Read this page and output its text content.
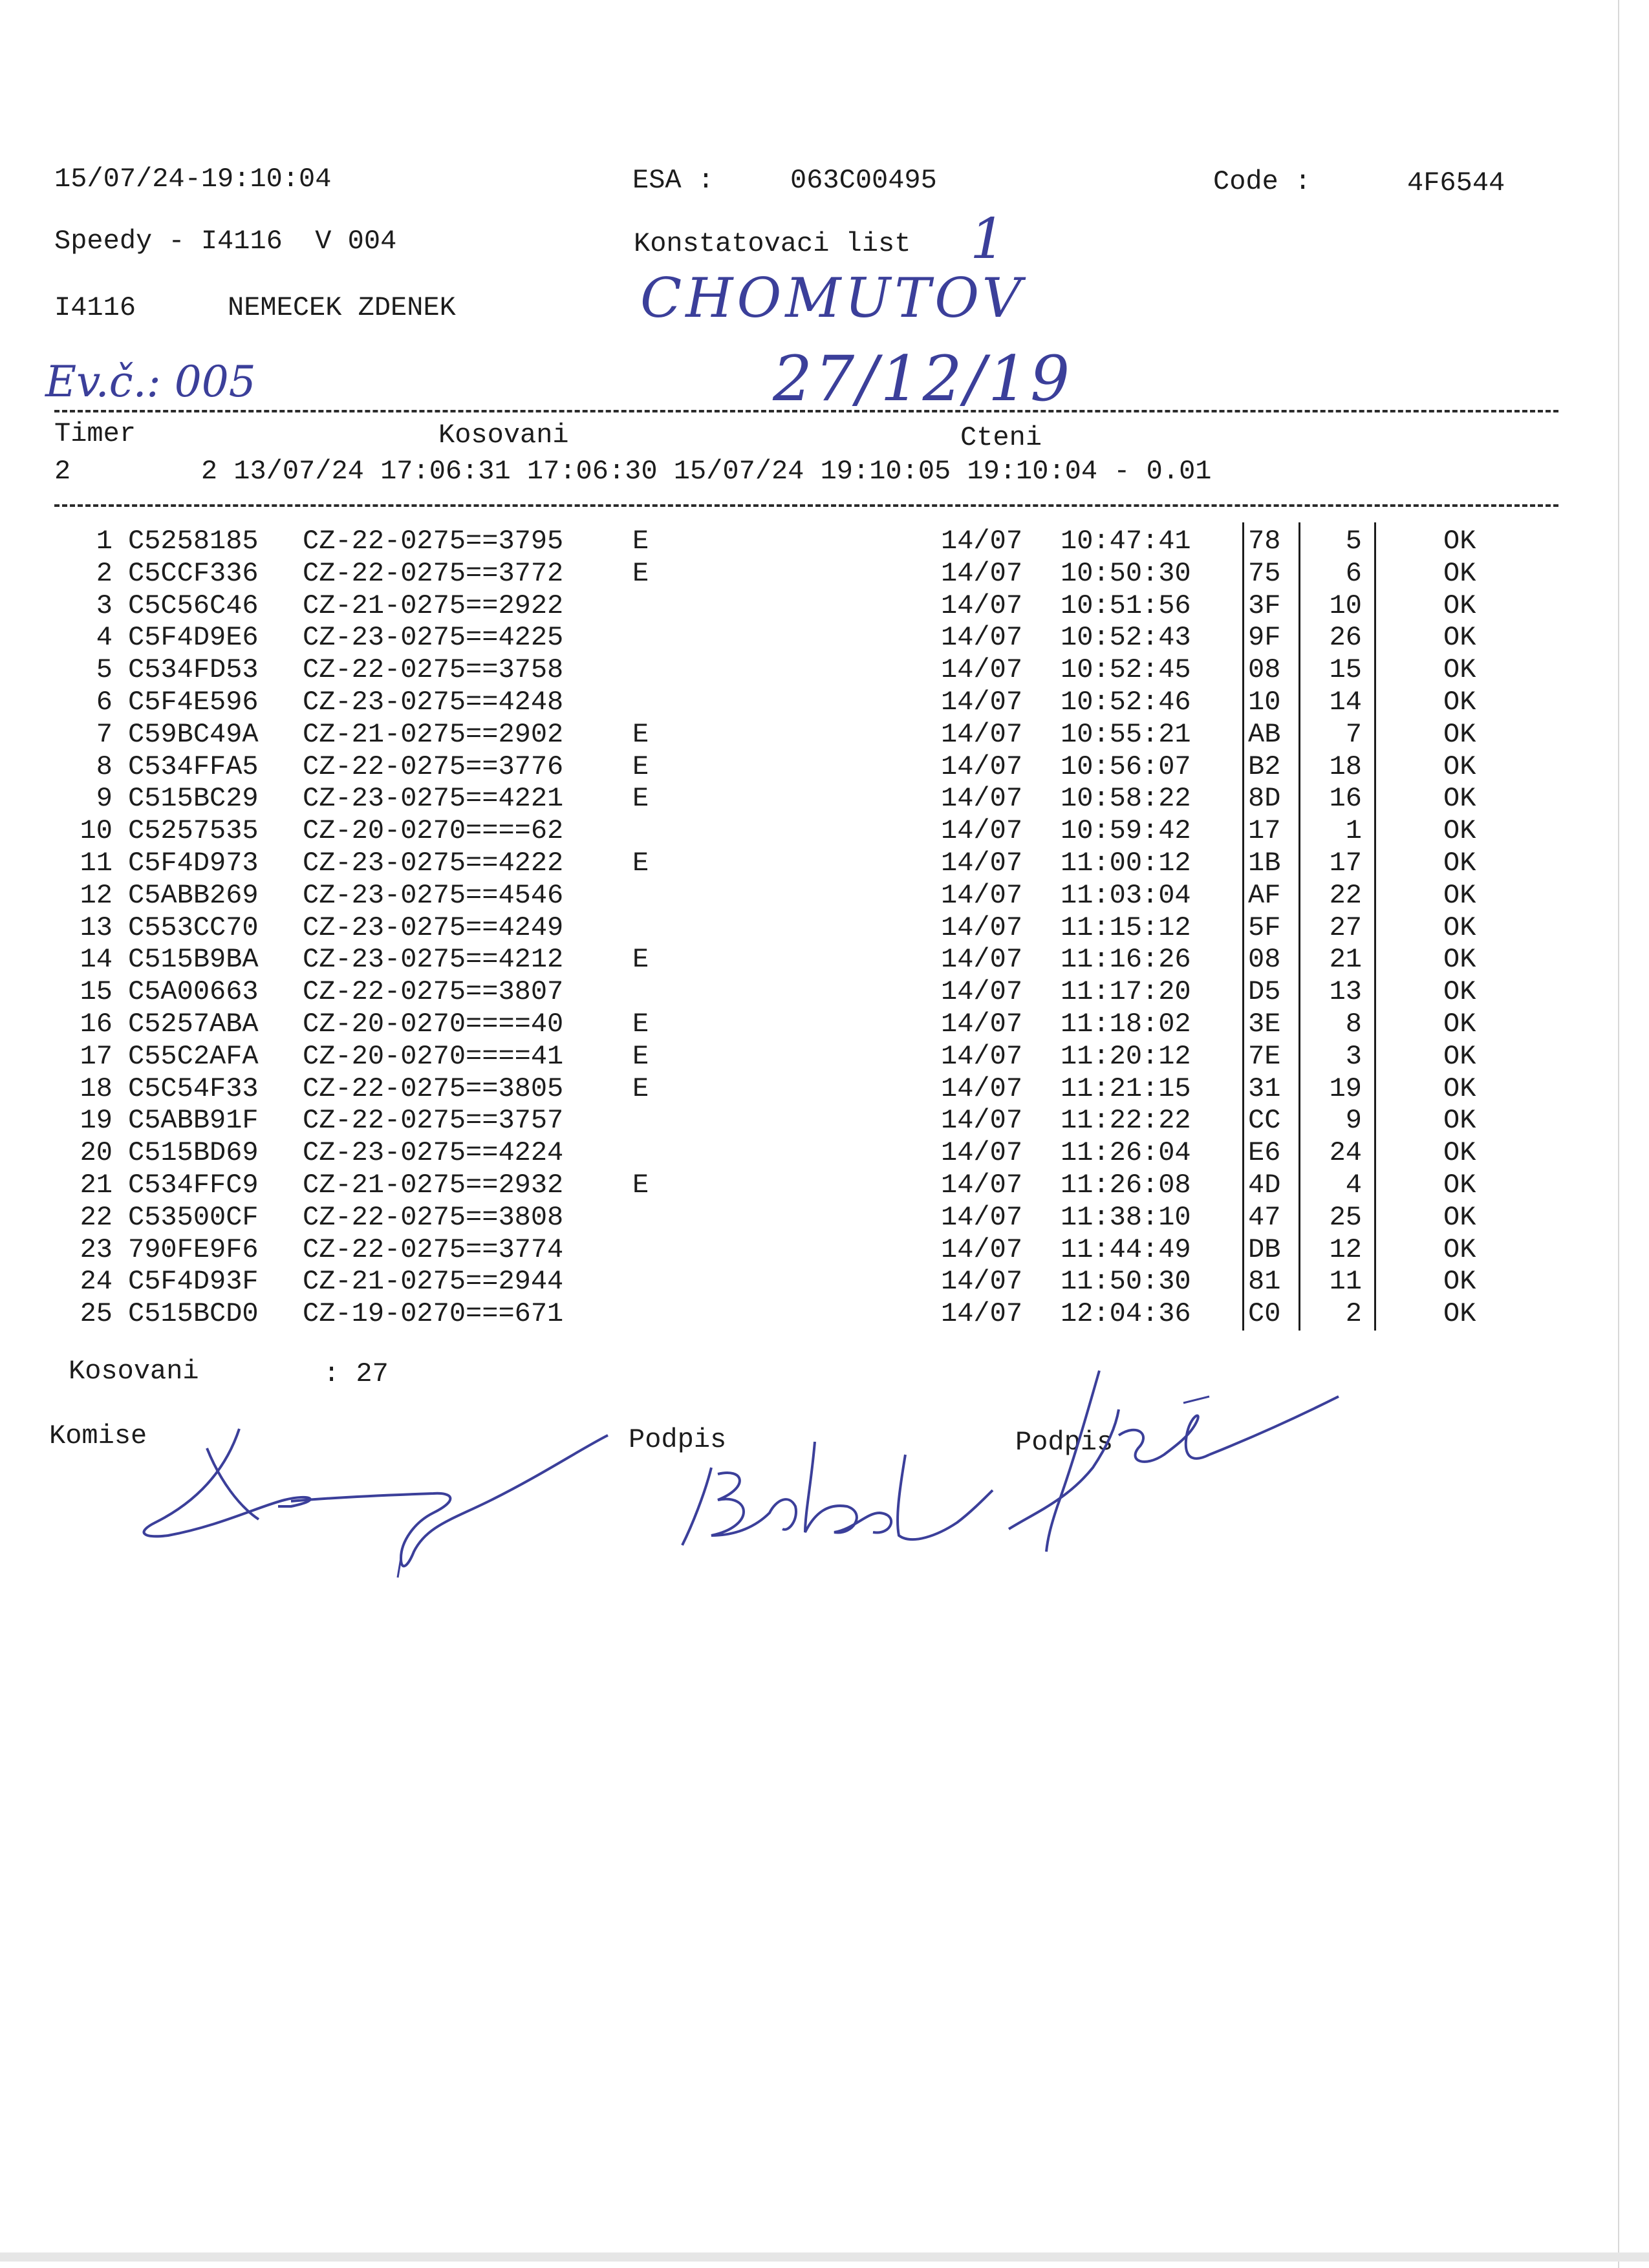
15/07/24-19:10:04	ESA :	063C00495	Code :	4F6544
Speedy - I4116  V 004	Konstatovaci list
I4116	NEMECEK ZDENEK
1
CHOMUTOV
Ev.č.: 005	27/12/19
Timer	Kosovani	Cteni
2        2 13/07/24 17:06:31 17:06:30 15/07/24 19:10:05 19:10:04 - 0.01
1 C5258185 CZ-22-0275==3795	E	14/07 10:47:41 78	5	OK
2 C5CCF336 CZ-22-0275==3772	E	14/07 10:50:30 75	6	OK
3 C5C56C46 CZ-21-0275==2922	14/07 10:51:56 3F	10	OK
4 C5F4D9E6 CZ-23-0275==4225	14/07 10:52:43 9F	26	OK
5 C534FD53 CZ-22-0275==3758	14/07 10:52:45 08	15	OK
6 C5F4E596 CZ-23-0275==4248	14/07 10:52:46 10	14	OK
7 C59BC49A CZ-21-0275==2902	E	14/07 10:55:21 AB	7	OK
8 C534FFA5 CZ-22-0275==3776	E	14/07 10:56:07 B2	18	OK
9 C515BC29 CZ-23-0275==4221	E	14/07 10:58:22 8D	16	OK
10 C5257535 CZ-20-0270====62	14/07 10:59:42 17	1	OK
11 C5F4D973 CZ-23-0275==4222	E	14/07 11:00:12 1B	17	OK
12 C5ABB269 CZ-23-0275==4546	14/07 11:03:04 AF	22	OK
13 C553CC70 CZ-23-0275==4249	14/07 11:15:12 5F	27	OK
14 C515B9BA CZ-23-0275==4212	E	14/07 11:16:26 08	21	OK
15 C5A00663 CZ-22-0275==3807	14/07 11:17:20 D5	13	OK
16 C5257ABA CZ-20-0270====40	E	14/07 11:18:02 3E	8	OK
17 C55C2AFA CZ-20-0270====41	E	14/07 11:20:12 7E	3	OK
18 C5C54F33 CZ-22-0275==3805	E	14/07 11:21:15 31	19	OK
19 C5ABB91F CZ-22-0275==3757	14/07 11:22:22 CC	9	OK
20 C515BD69 CZ-23-0275==4224	14/07 11:26:04 E6	24	OK
21 C534FFC9 CZ-21-0275==2932	E	14/07 11:26:08 4D	4	OK
22 C53500CF CZ-22-0275==3808	14/07 11:38:10 47	25	OK
23 790FE9F6 CZ-22-0275==3774	14/07 11:44:49 DB	12	OK
24 C5F4D93F CZ-21-0275==2944	14/07 11:50:30 81	11	OK
25 C515BCD0 CZ-19-0270===671	14/07 12:04:36 C0	2	OK
Kosovani	: 27
Komise	Podpis	Podpis
